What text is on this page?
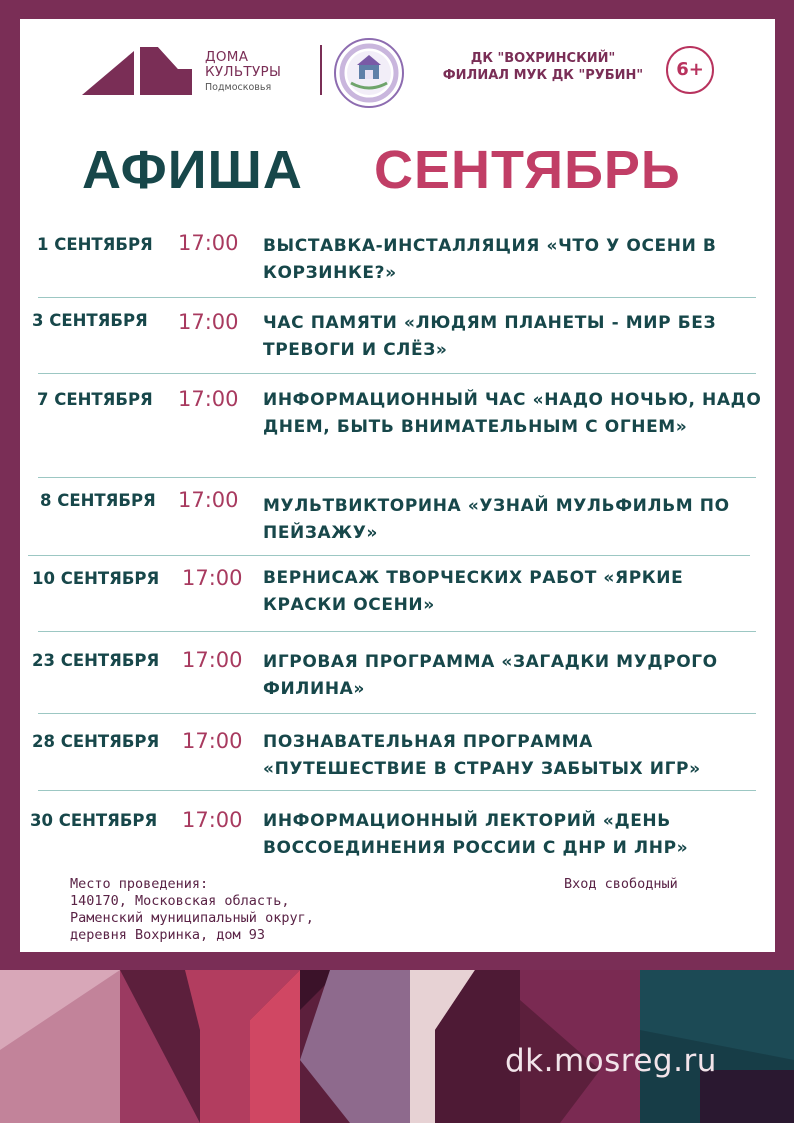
ДОМА
КУЛЬТУРЫ
Подмосковья
ДК "ВОХРИНСКИЙ"
ФИЛИАЛ МУК ДК "РУБИН"	6+
АФИША СЕНТЯБРЬ
1 СЕНТЯБРЯ 17:00 ВЫСТАВКА-ИНСТАЛЛЯЦИЯ «ЧТО У ОСЕНИ В КОРЗИНКЕ?»
3 СЕНТЯБРЯ 17:00 ЧАС ПАМЯТИ «ЛЮДЯМ ПЛАНЕТЫ - МИР БЕЗ ТРЕВОГИ И СЛЁЗ»
7 СЕНТЯБРЯ 17:00 ИНФОРМАЦИОННЫЙ ЧАС «НАДО НОЧЬЮ, НАДО ДНЕМ, БЫТЬ ВНИМАТЕЛЬНЫМ С ОГНЕМ»
8 СЕНТЯБРЯ 17:00 МУЛЬТВИКТОРИНА «УЗНАЙ МУЛЬФИЛЬМ ПО ПЕЙЗАЖУ»
10 СЕНТЯБРЯ 17:00 ВЕРНИСАЖ ТВОРЧЕСКИХ РАБОТ «ЯРКИЕ КРАСКИ ОСЕНИ»
23 СЕНТЯБРЯ 17:00 ИГРОВАЯ ПРОГРАММА «ЗАГАДКИ МУДРОГО ФИЛИНА»
28 СЕНТЯБРЯ 17:00 ПОЗНАВАТЕЛЬНАЯ ПРОГРАММА «ПУТЕШЕСТВИЕ В СТРАНУ ЗАБЫТЫХ ИГР»
30 СЕНТЯБРЯ 17:00 ИНФОРМАЦИОННЫЙ ЛЕКТОРИЙ «ДЕНЬ ВОССОЕДИНЕНИЯ РОССИИ С ДНР И ЛНР»
Место проведения:
140170, Московская область,
Раменский муниципальный округ,
деревня Вохринка, дом 93
Вход свободный
dk.mosreg.ru
